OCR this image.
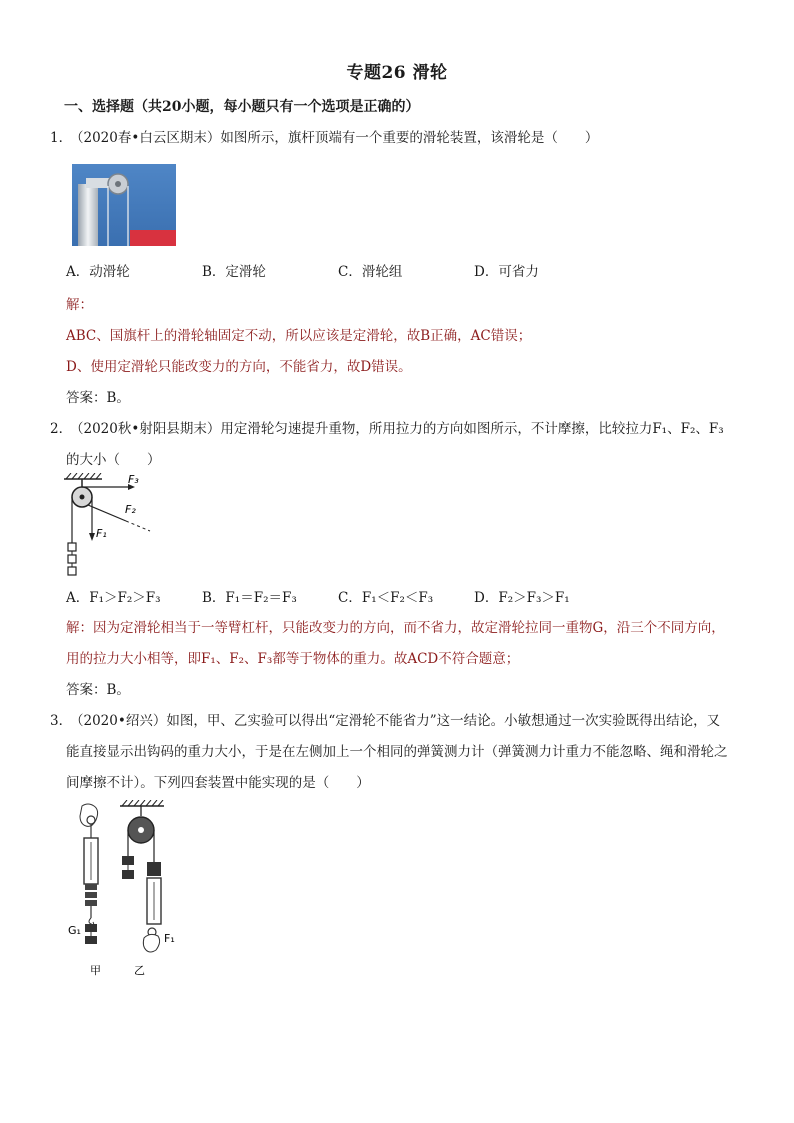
专题26 滑轮
一、选择题（共20小题，每小题只有一个选项是正确的）
1．（2020春•白云区期末）如图所示，旗杆顶端有一个重要的滑轮装置，该滑轮是（　　）
A．动滑轮	B．定滑轮	C．滑轮组	D．可省力
解：
ABC、国旗杆上的滑轮轴固定不动，所以应该是定滑轮，故B正确，AC错误；
D、使用定滑轮只能改变力的方向，不能省力，故D错误。
答案：B。
2．（2020秋•射阳县期末）用定滑轮匀速提升重物，所用拉力的方向如图所示，不计摩擦，比较拉力F₁、F₂、F₃
的大小（　　）
F₃
F₂
F₁
A．F₁＞F₂＞F₃	B．F₁＝F₂＝F₃	C．F₁＜F₂＜F₃	D．F₂＞F₃＞F₁
解：因为定滑轮相当于一等臂杠杆，只能改变力的方向，而不省力，故定滑轮拉同一重物G，沿三个不同方向，
用的拉力大小相等，即F₁、F₂、F₃都等于物体的重力。故ACD不符合题意；
答案：B。
3．（2020•绍兴）如图，甲、乙实验可以得出“定滑轮不能省力”这一结论。小敏想通过一次实验既得出结论，又
能直接显示出钩码的重力大小，于是在左侧加上一个相同的弹簧测力计（弹簧测力计重力不能忽略、绳和滑轮之
间摩擦不计）。下列四套装置中能实现的是（　　）
G₁
甲
F₁
乙
